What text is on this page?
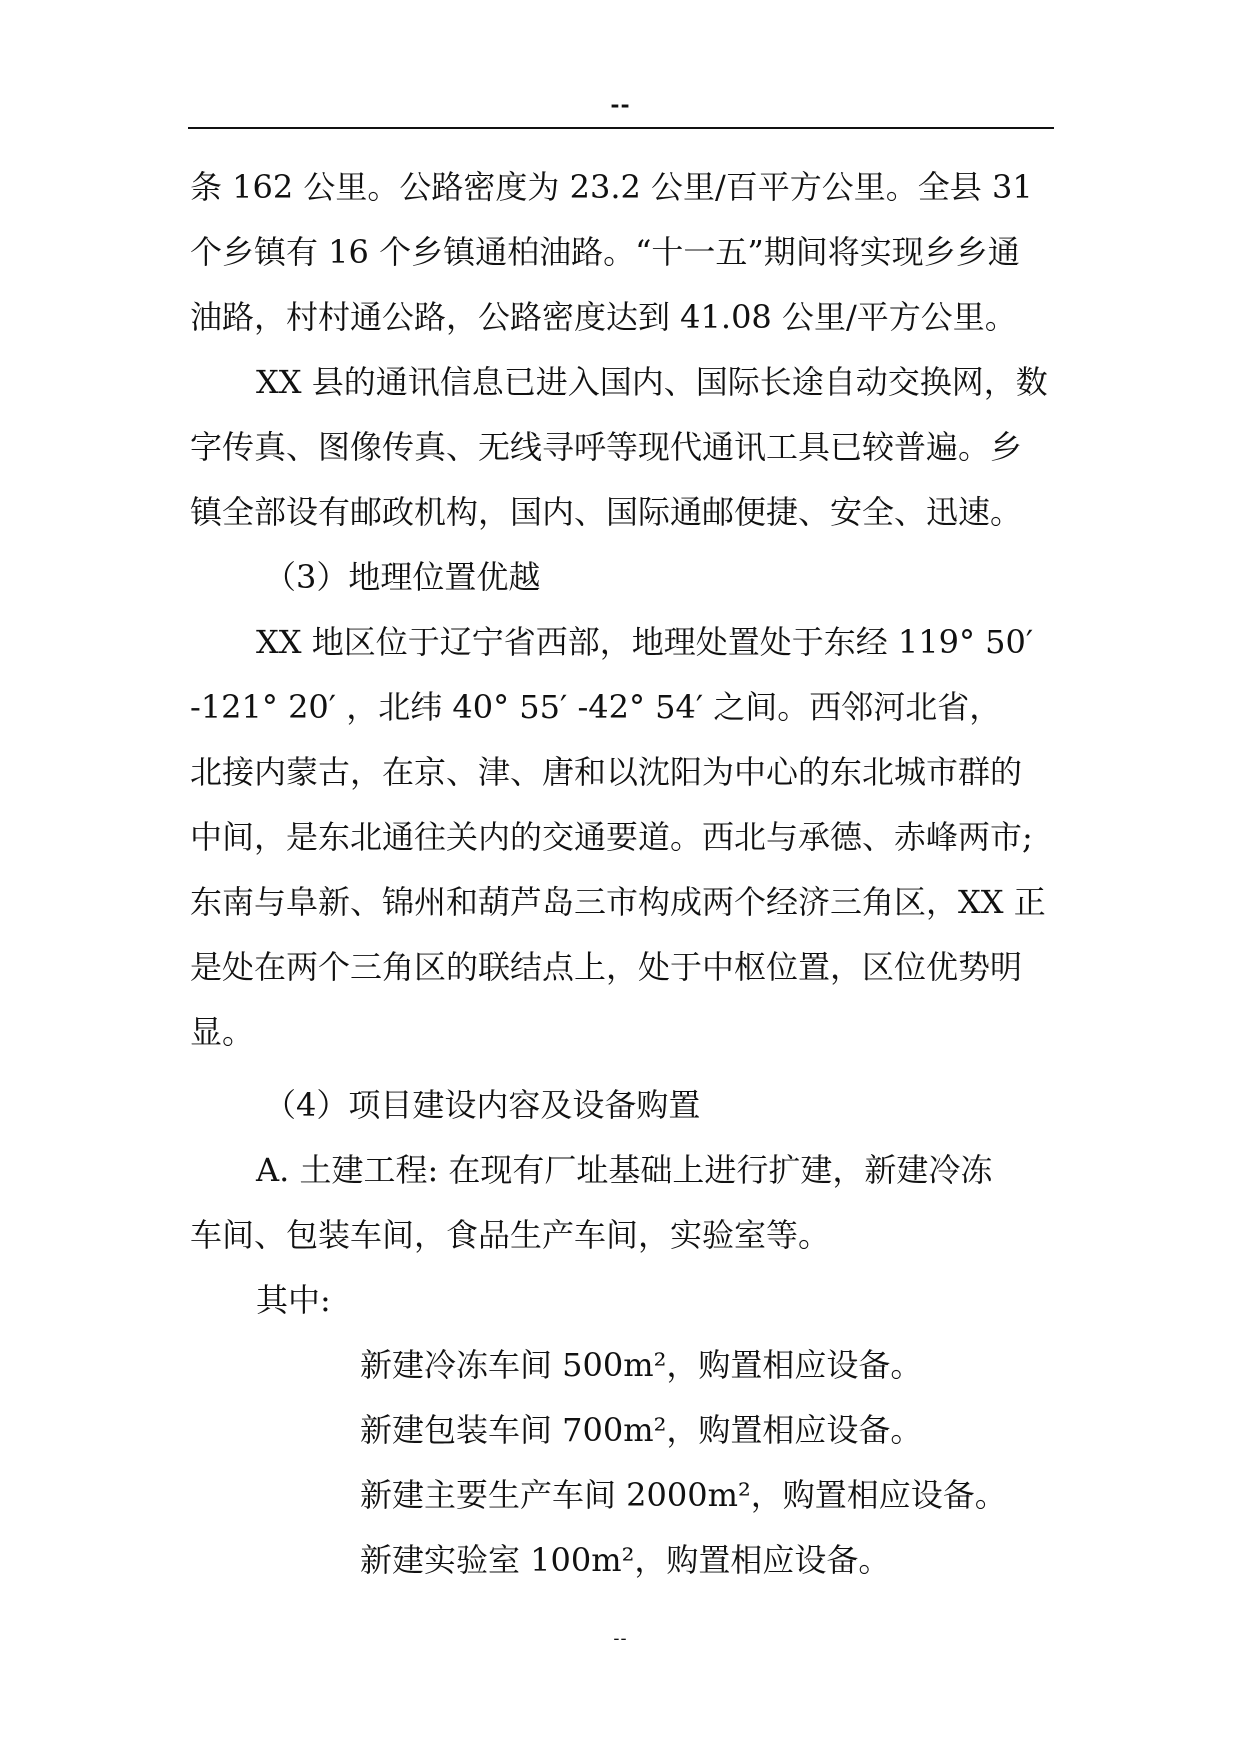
--

条 162 公里。公路密度为 23.2 公里/百平方公里。全县 31

个乡镇有 16 个乡镇通柏油路。“十一五”期间将实现乡乡通

油路，村村通公路，公路密度达到 41.08 公里/平方公里。

XX 县的通讯信息已进入国内、国际长途自动交换网，数

字传真、图像传真、无线寻呼等现代通讯工具已较普遍。乡

镇全部设有邮政机构，国内、国际通邮便捷、安全、迅速。

（3）地理位置优越

XX 地区位于辽宁省西部，地理处置处于东经 119° 50′

-121° 20′ ，北纬 40° 55′ -42° 54′ 之间。西邻河北省，

北接内蒙古，在京、津、唐和以沈阳为中心的东北城市群的

中间，是东北通往关内的交通要道。西北与承德、赤峰两市;

东南与阜新、锦州和葫芦岛三市构成两个经济三角区，XX 正

是处在两个三角区的联结点上，处于中枢位置，区位优势明

显。

（4）项目建设内容及设备购置

A. 土建工程: 在现有厂址基础上进行扩建，新建冷冻

车间、包装车间，食品生产车间，实验室等。

其中:

新建冷冻车间 500m²，购置相应设备。

新建包装车间 700m²，购置相应设备。

新建主要生产车间 2000m²，购置相应设备。

新建实验室 100m²，购置相应设备。

--
